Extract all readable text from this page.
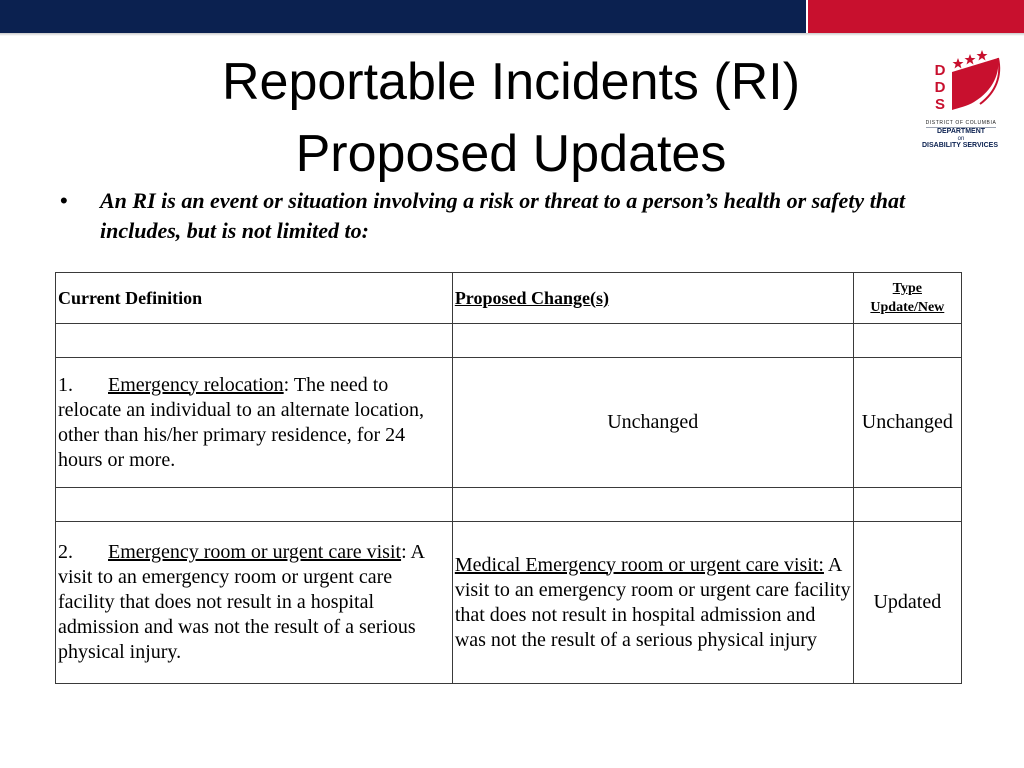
Reportable Incidents (RI)
Proposed Updates
D
D
S
DISTRICT OF COLUMBIA
DEPARTMENT
on
DISABILITY SERVICES
• An RI is an event or situation involving a risk or threat to a person’s health or safety that includes, but is not limited to:
Current Definition	Proposed Change(s)	Type
Update/New

1. Emergency relocation: The need to relocate an individual to an alternate location, other than his/her primary residence, for 24 hours or more.	Unchanged	Unchanged

2. Emergency room or urgent care visit: A visit to an emergency room or urgent care facility that does not result in a hospital admission and was not the result of a serious physical injury.	Medical Emergency room or urgent care visit: A visit to an emergency room or urgent care facility that does not result in hospital admission and was not the result of a serious physical injury	Updated
